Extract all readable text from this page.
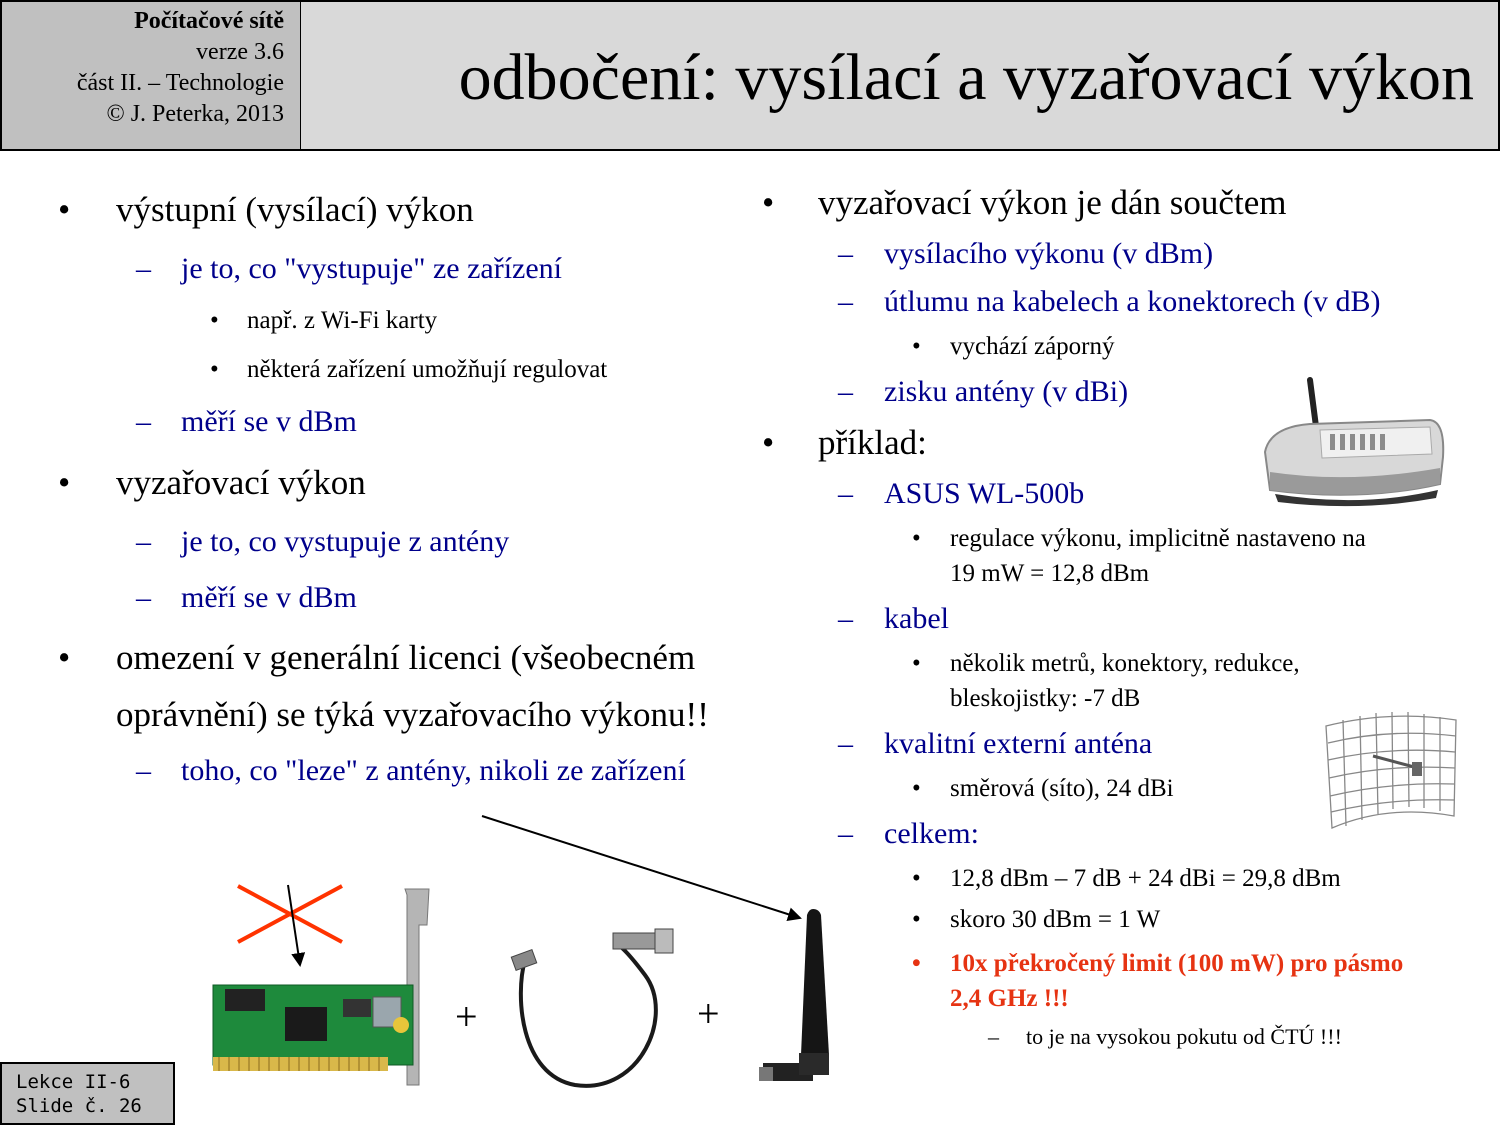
Počítačové sítě
verze 3.6
část II. – Technologie
© J. Peterka, 2013	odbočení: vysílací a vyzařovací výkon
• výstupní (vysílací) výkon
– je to, co "vystupuje" ze zařízení
• např. z Wi-Fi karty
• některá zařízení umožňují regulovat
– měří se v dBm
• vyzařovací výkon
– je to, co vystupuje z antény
– měří se v dBm
• omezení v generální licenci (všeobecném
oprávnění) se týká vyzařovacího výkonu!!
– toho, co "leze" z antény, nikoli ze zařízení
• vyzařovací výkon je dán součtem
– vysílacího výkonu (v dBm)
– útlumu na kabelech a konektorech (v dB)
• vychází záporný
– zisku antény (v dBi)
• příklad:
– ASUS WL-500b
• regulace výkonu, implicitně nastaveno na
19 mW = 12,8 dBm
– kabel
• několik metrů, konektory, redukce,
bleskojistky: -7 dB
– kvalitní externí anténa
• směrová (síto), 24 dBi
– celkem:
• 12,8 dBm – 7 dB + 24 dBi = 29,8 dBm
• skoro 30 dBm = 1 W
• 10x překročený limit (100 mW) pro pásmo
2,4 GHz !!!
– to je na vysokou pokutu od ČTÚ !!!
+	+
Lekce II-6
Slide č. 26
